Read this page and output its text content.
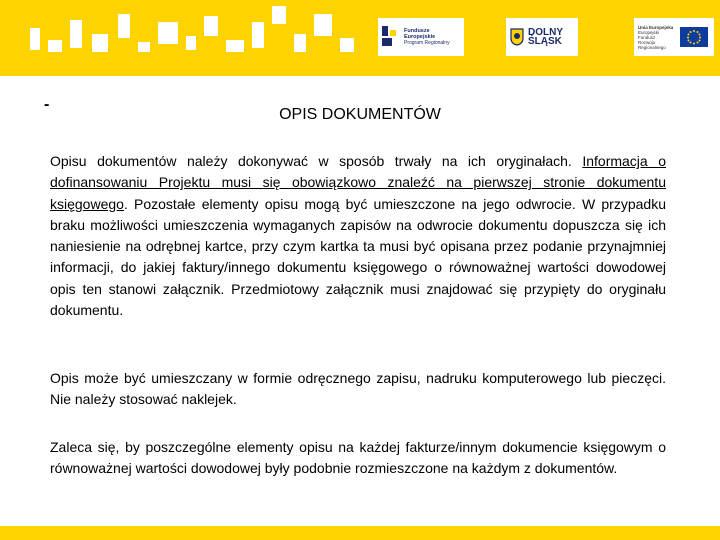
Fundusze
Europejskie
Program Regionalny
DOLNY
ŚLĄSK
Unia Europejska
Europejski Fundusz
Rozwoju Regionalnego
-
OPIS DOKUMENTÓW

Opisu dokumentów należy dokonywać w sposób trwały na ich oryginałach. Informacja o dofinansowaniu Projektu musi się obowiązkowo znaleźć na pierwszej stronie dokumentu księgowego. Pozostałe elementy opisu mogą być umieszczone na jego odwrocie. W przypadku braku możliwości umieszczenia wymaganych zapisów na odwrocie dokumentu dopuszcza się ich naniesienie na odrębnej kartce, przy czym kartka ta musi być opisana przez podanie przynajmniej informacji, do jakiej faktury/innego dokumentu księgowego o równoważnej wartości dowodowej opis ten stanowi załącznik. Przedmiotowy załącznik musi znajdować się przypięty do oryginału dokumentu.

Opis może być umieszczany w formie odręcznego zapisu, nadruku komputerowego lub pieczęci. Nie należy stosować naklejek.

Zaleca się, by poszczególne elementy opisu na każdej fakturze/innym dokumencie księgowym o równoważnej wartości dowodowej były podobnie rozmieszczone na każdym z dokumentów.
